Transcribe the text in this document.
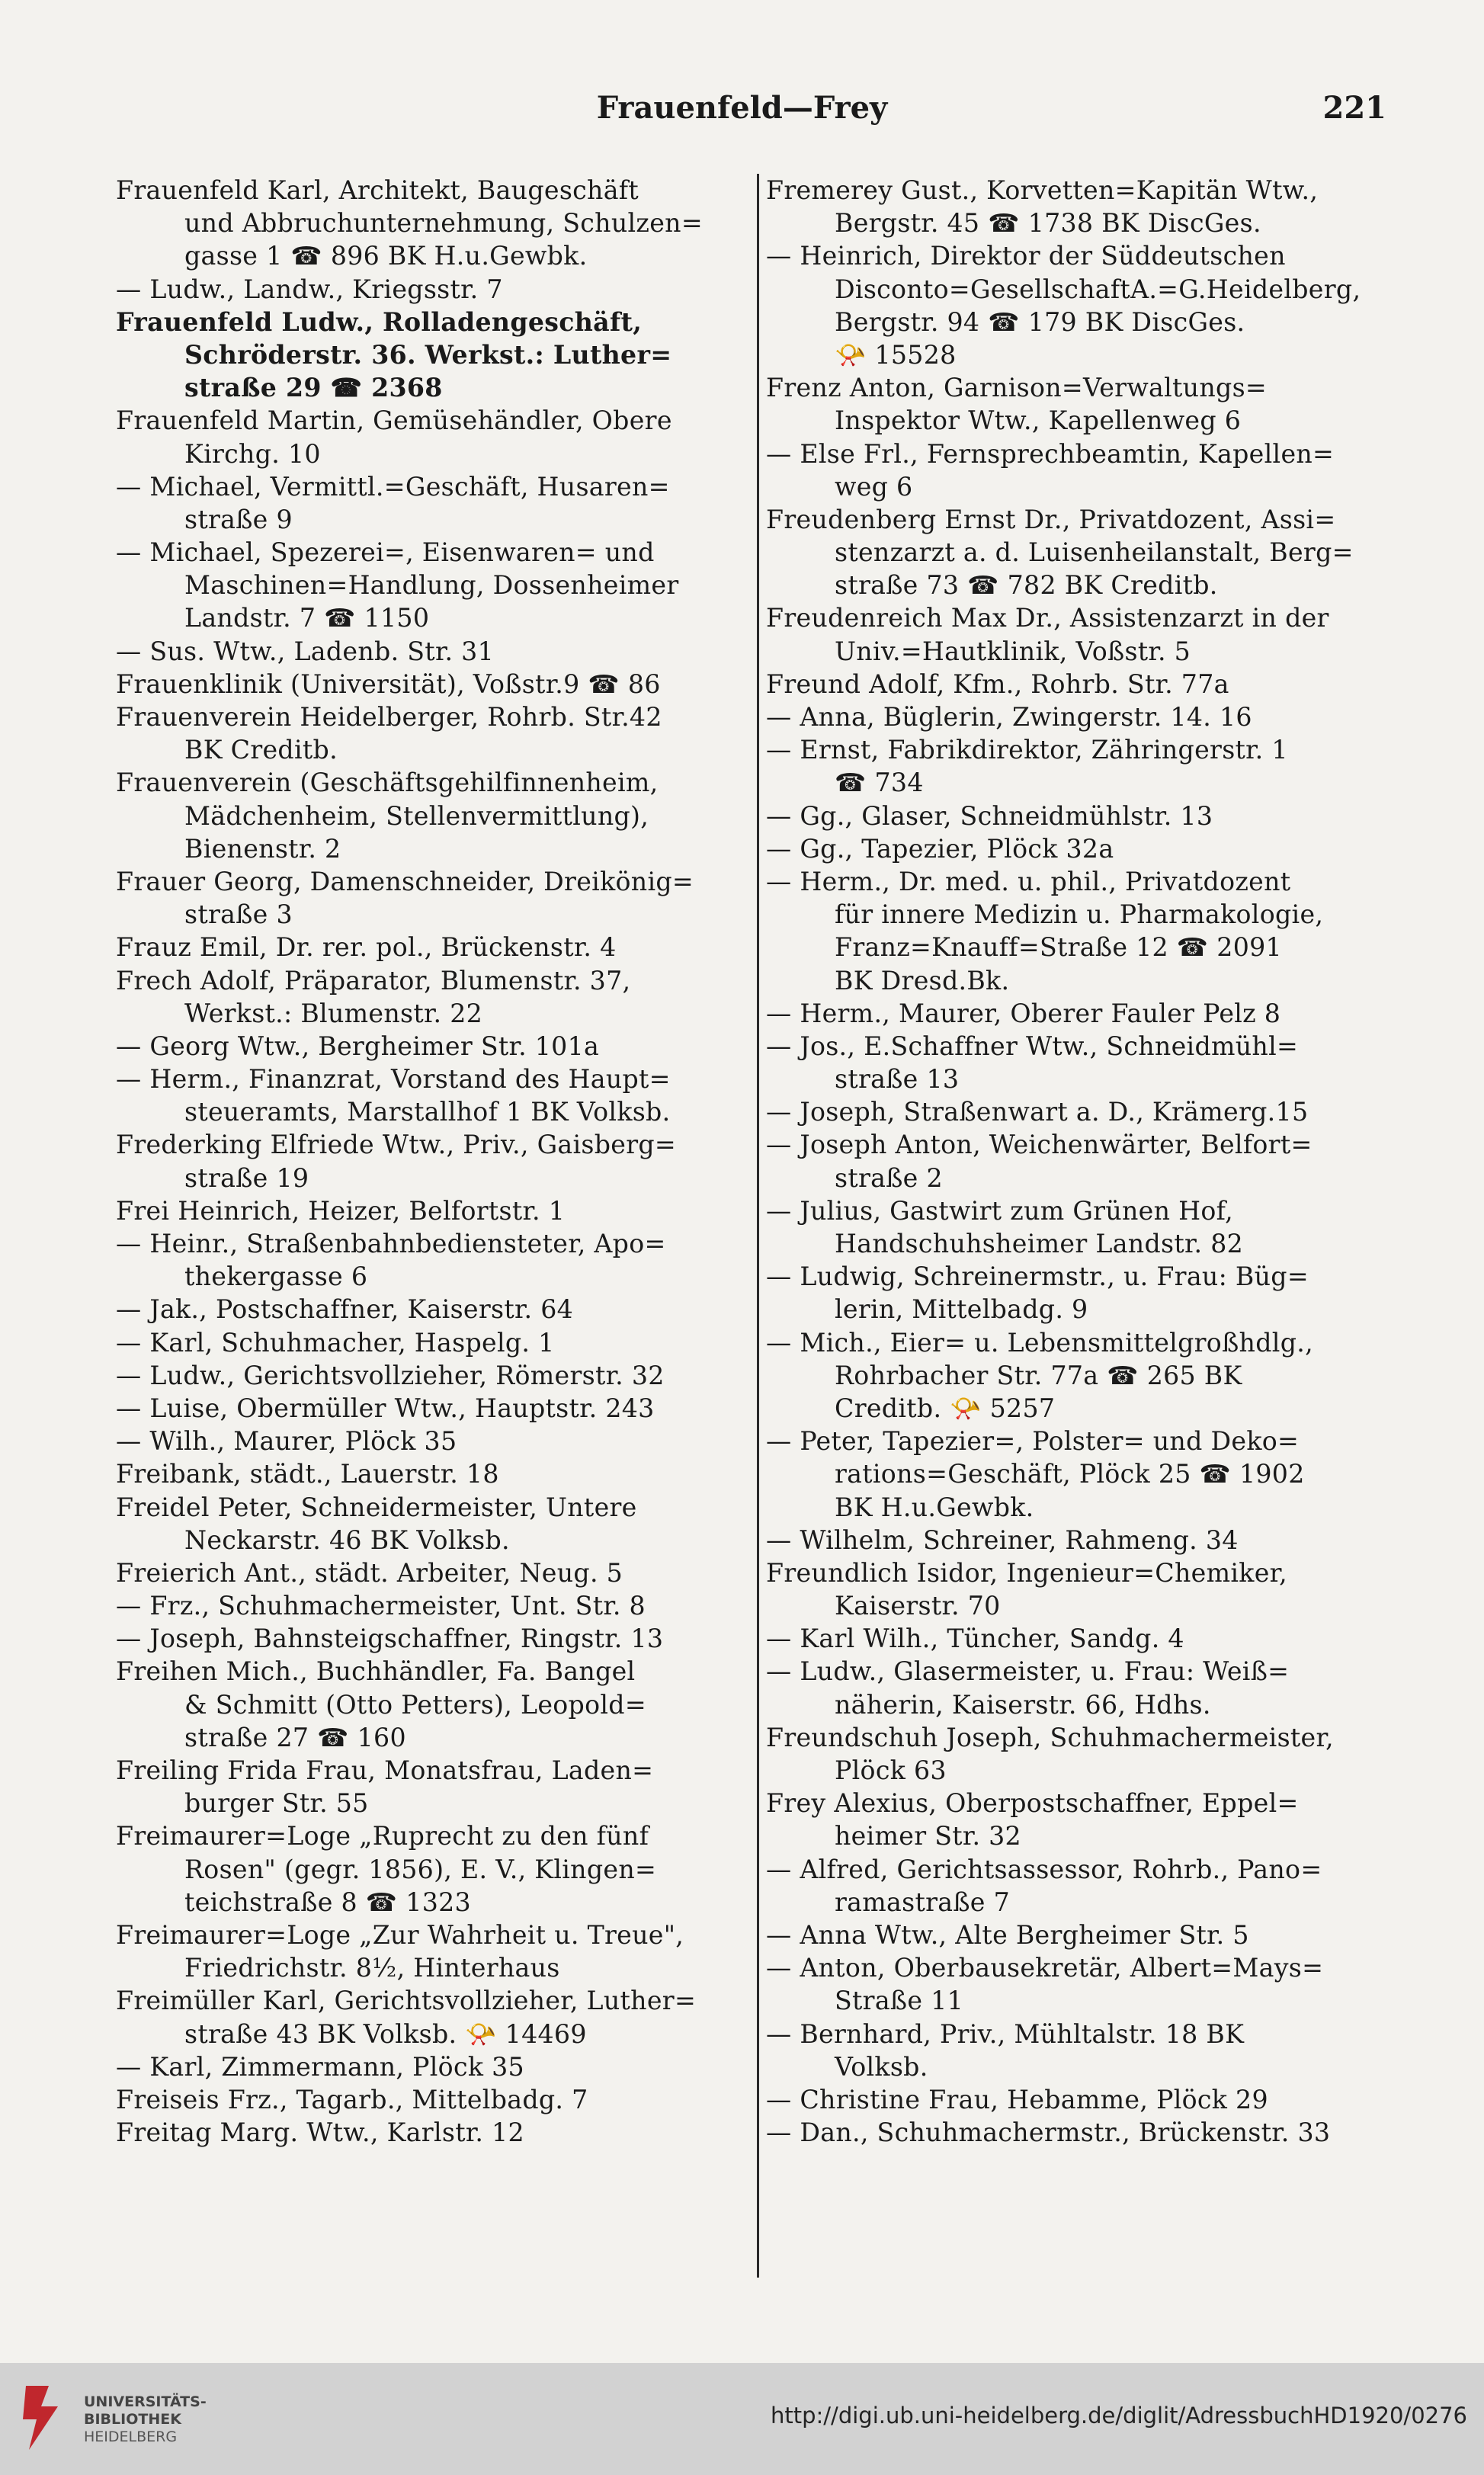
Frauenfeld—Frey	221
Frauenfeld Karl, Architekt, Baugeschäft
und Abbruchunternehmung, Schulzen=
gasse 1 ☎ 896 BK H.u.Gewbk.
— Ludw., Landw., Kriegsstr. 7
Frauenfeld Ludw., Rolladengeschäft,
Schröderstr. 36. Werkst.: Luther=
straße 29 ☎ 2368
Frauenfeld Martin, Gemüsehändler, Obere
Kirchg. 10
— Michael, Vermittl.=Geschäft, Husaren=
straße 9
— Michael, Spezerei=, Eisenwaren= und
Maschinen=Handlung, Dossenheimer
Landstr. 7 ☎ 1150
— Sus. Wtw., Ladenb. Str. 31
Frauenklinik (Universität), Voßstr.9 ☎ 86
Frauenverein Heidelberger, Rohrb. Str.42
BK Creditb.
Frauenverein (Geschäftsgehilfinnenheim,
Mädchenheim, Stellenvermittlung),
Bienenstr. 2
Frauer Georg, Damenschneider, Dreikönig=
straße 3
Frauz Emil, Dr. rer. pol., Brückenstr. 4
Frech Adolf, Präparator, Blumenstr. 37,
Werkst.: Blumenstr. 22
— Georg Wtw., Bergheimer Str. 101a
— Herm., Finanzrat, Vorstand des Haupt=
steueramts, Marstallhof 1 BK Volksb.
Frederking Elfriede Wtw., Priv., Gaisberg=
straße 19
Frei Heinrich, Heizer, Belfortstr. 1
— Heinr., Straßenbahnbediensteter, Apo=
thekergasse 6
— Jak., Postschaffner, Kaiserstr. 64
— Karl, Schuhmacher, Haspelg. 1
— Ludw., Gerichtsvollzieher, Römerstr. 32
— Luise, Obermüller Wtw., Hauptstr. 243
— Wilh., Maurer, Plöck 35
Freibank, städt., Lauerstr. 18
Freidel Peter, Schneidermeister, Untere
Neckarstr. 46 BK Volksb.
Freierich Ant., städt. Arbeiter, Neug. 5
— Frz., Schuhmachermeister, Unt. Str. 8
— Joseph, Bahnsteigschaffner, Ringstr. 13
Freihen Mich., Buchhändler, Fa. Bangel
& Schmitt (Otto Petters), Leopold=
straße 27 ☎ 160
Freiling Frida Frau, Monatsfrau, Laden=
burger Str. 55
Freimaurer=Loge „Ruprecht zu den fünf
Rosen" (gegr. 1856), E. V., Klingen=
teichstraße 8 ☎ 1323
Freimaurer=Loge „Zur Wahrheit u. Treue",
Friedrichstr. 8½, Hinterhaus
Freimüller Karl, Gerichtsvollzieher, Luther=
straße 43 BK Volksb. 📯 14469
— Karl, Zimmermann, Plöck 35
Freiseis Frz., Tagarb., Mittelbadg. 7
Freitag Marg. Wtw., Karlstr. 12
Fremerey Gust., Korvetten=Kapitän Wtw.,
Bergstr. 45 ☎ 1738 BK DiscGes.
— Heinrich, Direktor der Süddeutschen
Disconto=GesellschaftA.=G.Heidelberg,
Bergstr. 94 ☎ 179 BK DiscGes.
📯 15528
Frenz Anton, Garnison=Verwaltungs=
Inspektor Wtw., Kapellenweg 6
— Else Frl., Fernsprechbeamtin, Kapellen=
weg 6
Freudenberg Ernst Dr., Privatdozent, Assi=
stenzarzt a. d. Luisenheilanstalt, Berg=
straße 73 ☎ 782 BK Creditb.
Freudenreich Max Dr., Assistenzarzt in der
Univ.=Hautklinik, Voßstr. 5
Freund Adolf, Kfm., Rohrb. Str. 77a
— Anna, Büglerin, Zwingerstr. 14. 16
— Ernst, Fabrikdirektor, Zähringerstr. 1
☎ 734
— Gg., Glaser, Schneidmühlstr. 13
— Gg., Tapezier, Plöck 32a
— Herm., Dr. med. u. phil., Privatdozent
für innere Medizin u. Pharmakologie,
Franz=Knauff=Straße 12 ☎ 2091
BK Dresd.Bk.
— Herm., Maurer, Oberer Fauler Pelz 8
— Jos., E.Schaffner Wtw., Schneidmühl=
straße 13
— Joseph, Straßenwart a. D., Krämerg.15
— Joseph Anton, Weichenwärter, Belfort=
straße 2
— Julius, Gastwirt zum Grünen Hof,
Handschuhsheimer Landstr. 82
— Ludwig, Schreinermstr., u. Frau: Büg=
lerin, Mittelbadg. 9
— Mich., Eier= u. Lebensmittelgroßhdlg.,
Rohrbacher Str. 77a ☎ 265 BK
Creditb. 📯 5257
— Peter, Tapezier=, Polster= und Deko=
rations=Geschäft, Plöck 25 ☎ 1902
BK H.u.Gewbk.
— Wilhelm, Schreiner, Rahmeng. 34
Freundlich Isidor, Ingenieur=Chemiker,
Kaiserstr. 70
— Karl Wilh., Tüncher, Sandg. 4
— Ludw., Glasermeister, u. Frau: Weiß=
näherin, Kaiserstr. 66, Hdhs.
Freundschuh Joseph, Schuhmachermeister,
Plöck 63
Frey Alexius, Oberpostschaffner, Eppel=
heimer Str. 32
— Alfred, Gerichtsassessor, Rohrb., Pano=
ramastraße 7
— Anna Wtw., Alte Bergheimer Str. 5
— Anton, Oberbausekretär, Albert=Mays=
Straße 11
— Bernhard, Priv., Mühltalstr. 18 BK
Volksb.
— Christine Frau, Hebamme, Plöck 29
— Dan., Schuhmachermstr., Brückenstr. 33
UNIVERSITÄTS-
BIBLIOTHEK
HEIDELBERG
http://digi.ub.uni-heidelberg.de/diglit/AdressbuchHD1920/0276
